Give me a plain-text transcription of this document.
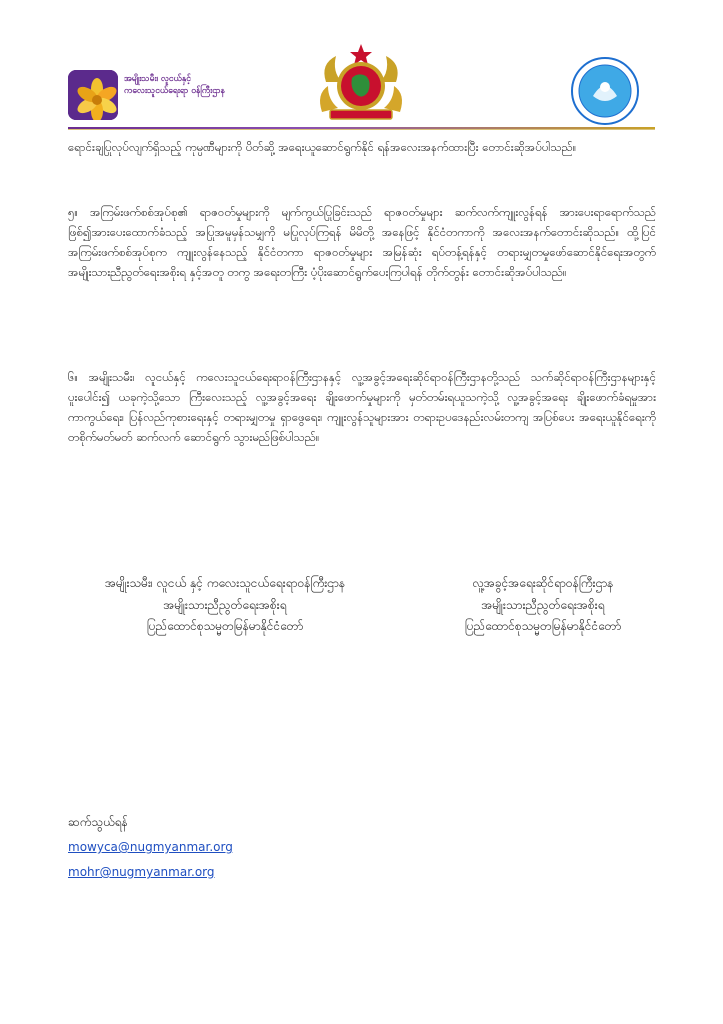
အမျိုးသမီး၊ လူငယ်နှင့် ကလေးသူငယ်ရေးရာ ဝန်ကြီးဌာန

ရောင်းချပြုလုပ်လျက်ရှိသည့် ကုမ္ပဏီများကို ပိတ်ဆို့ အရေးယူဆောင်ရွက်နိုင် ရန်အလေးအနက်ထားပြီး တောင်းဆိုအပ်ပါသည်။

၅။ အကြမ်းဖက်စစ်အုပ်စု၏ ရာဇဝတ်မှုများကို မျက်ကွယ်ပြုခြင်းသည် ရာဇဝတ်မှုများ ဆက်လက်ကျူးလွန်ရန် အားပေးရာရောက်သည်ဖြစ်၍အားပေးထောက်ခံသည့် အပြုအမူမှန်သမျှကို မပြုလုပ်ကြရန် မိမိတို့ အနေဖြင့် နိုင်ငံတကာကို အလေးအနက်တောင်းဆိုသည်။ ထို့ပြင် အကြမ်းဖက်စစ်အုပ်စုက ကျူးလွန်နေသည့် နိုင်ငံတကာ ရာဇဝတ်မှုများ အမြန်ဆုံး ရပ်တန့်ရန်နှင့် တရားမျှတမှုဖော်ဆောင်နိုင်ရေးအတွက် အမျိုးသားညီညွတ်ရေးအစိုးရ နှင့်အတူ တကွ အရေးတကြီး ပံ့ပိုးဆောင်ရွက်ပေးကြပါရန် တိုက်တွန်း တောင်းဆိုအပ်ပါသည်။

၆။ အမျိုးသမီး၊ လူငယ်နှင့် ကလေးသူငယ်ရေးရာဝန်ကြီးဌာနနှင့် လူ့အခွင့်အရေးဆိုင်ရာဝန်ကြီးဌာနတို့သည် သက်ဆိုင်ရာဝန်ကြီးဌာနများနှင့် ပူးပေါင်း၍ ယခုကဲ့သို့သော ကြီးလေးသည့် လူ့အခွင့်အရေး ချိုးဖောက်မှုများကို မှတ်တမ်းရယူသကဲ့သို့ လူ့အခွင့်အရေး ချိုးဖောက်ခံရမှုအား ကာကွယ်ရေး၊ ပြန်လည်ကုစားရေးနှင့် တရားမျှတမှု ရှာဖွေရေး၊ ကျူးလွန်သူများအား တရားဥပဒေနည်းလမ်းတကျ အပြစ်ပေး အရေးယူနိုင်ရေးကို တစိုက်မတ်မတ် ဆက်လက် ဆောင်ရွက် သွားမည်ဖြစ်ပါသည်။

အမျိုးသမီး၊ လူငယ် နှင့် ကလေးသူငယ်ရေးရာဝန်ကြီးဌာန
အမျိုးသားညီညွတ်ရေးအစိုးရ
ပြည်ထောင်စုသမ္မတမြန်မာနိုင်ငံတော်
လူ့အခွင့်အရေးဆိုင်ရာဝန်ကြီးဌာန
အမျိုးသားညီညွတ်ရေးအစိုးရ
ပြည်ထောင်စုသမ္မတမြန်မာနိုင်ငံတော်
ဆက်သွယ်ရန်
mowyca@nugmyanmar.org
mohr@nugmyanmar.org
